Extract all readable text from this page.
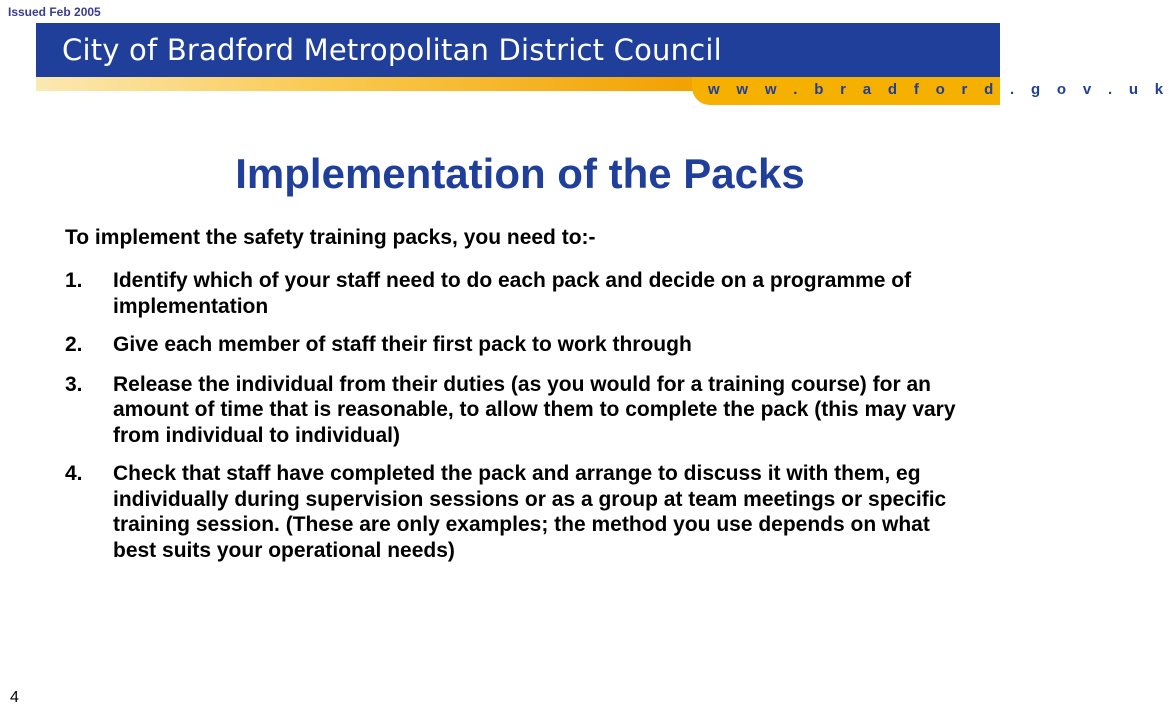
Issued Feb 2005
City of Bradford Metropolitan District Council
w w w . b r a d f o r d . g o v . u k
Implementation of the Packs
To implement the safety training packs, you need to:-
1.	Identify which of your staff need to do each pack and decide on a programme of implementation
2.	Give each member of staff their first pack to work through
3.	Release the individual from their duties (as you would for a training course) for an amount of time that is reasonable, to allow them to complete the pack (this may vary from individual to individual)
4.	Check that staff have completed the pack and arrange to discuss it with them, eg individually during supervision sessions or as a group at team meetings or specific training session. (These are only examples; the method you use depends on what best suits your operational needs)
4
